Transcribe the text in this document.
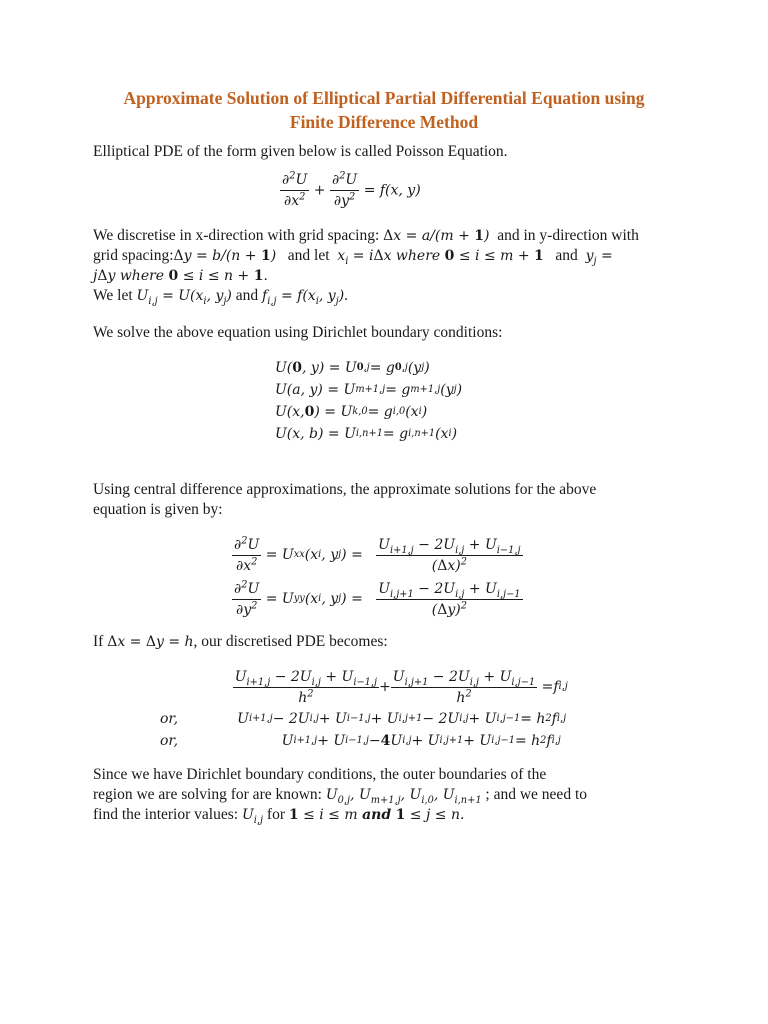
Approximate Solution of Elliptical Partial Differential Equation using
Finite Difference Method

Elliptical PDE of the form given below is called Poisson Equation.

$\frac{\partial^2U}{\partial x^2} + \frac{\partial^2U}{\partial y^2} = f(x$, y)
We discretise in x-direction with grid spacing: Δx = a/(m + 1) and in y-direction with
grid spacing:Δy = b/(n + 1) and let $x_i = i\Delta x$ where 0 ≤ i ≤ m + 1 and $y_j$ =
jΔy where 0 ≤ i ≤ n + 1.
We let $U_{i,j} = U(x_i$, $y_j$) and $f_{i,j} = f(x_i$, $y_j$).

We solve the above equation using Dirichlet boundary conditions:

U( 0 , y) = U 0,j = g 0,j (y j )
U(a, y) = U m+1,j = g m+1,j (y j )
U(x, 0 ) = U k,0 = g i,0 (x i )
U(x, b) = U i,n+1 = g i,n+1 (x i )
Using central difference approximations, the approximate solutions for the above
equation is given by:
$\frac{\partial^2U}{\partial x^2}$
= U xx (x i , y j ) =
$\frac{U_{i+1,j} - 2U_{i,j} + U_{i-1,j}}{(\Delta x)^2}$
$\frac{\partial^2U}{\partial y^2}$
= U yy (x i , y j ) =
$\frac{U_{i,j+1} - 2U_{i,j} + U_{i,j-1}}{(\Delta y)^2}$
If Δx = Δy = h, our discretised PDE becomes:

$\frac{U_{i+1,j} - 2U_{i,j} + U_{i-1,j}}{h^2} + \frac{U_{i,j+1} - 2U_{i,j} + U_{i,j-1}}{h^2}$
= f i,j
or,	U i+1,j − 2U i,j + U i−1,j + U i,j+1 − 2U i,j + U i,j−1 = h 2 f i,j
or,	U i+1,j + U i−1,j − 4 U i,j + U i,j+1 + U i,j−1 = h 2 f i,j
Since we have Dirichlet boundary conditions, the outer boundaries of the
region we are solving for are known: $U_{0,j}$, $U_{m+1,j}$, $U_{i,0}$, $U_{i,n+1}$ ; and we need to
find the interior values: $U_{i,j}$ for 1 ≤ i ≤ m and 1 ≤ j ≤ n.
